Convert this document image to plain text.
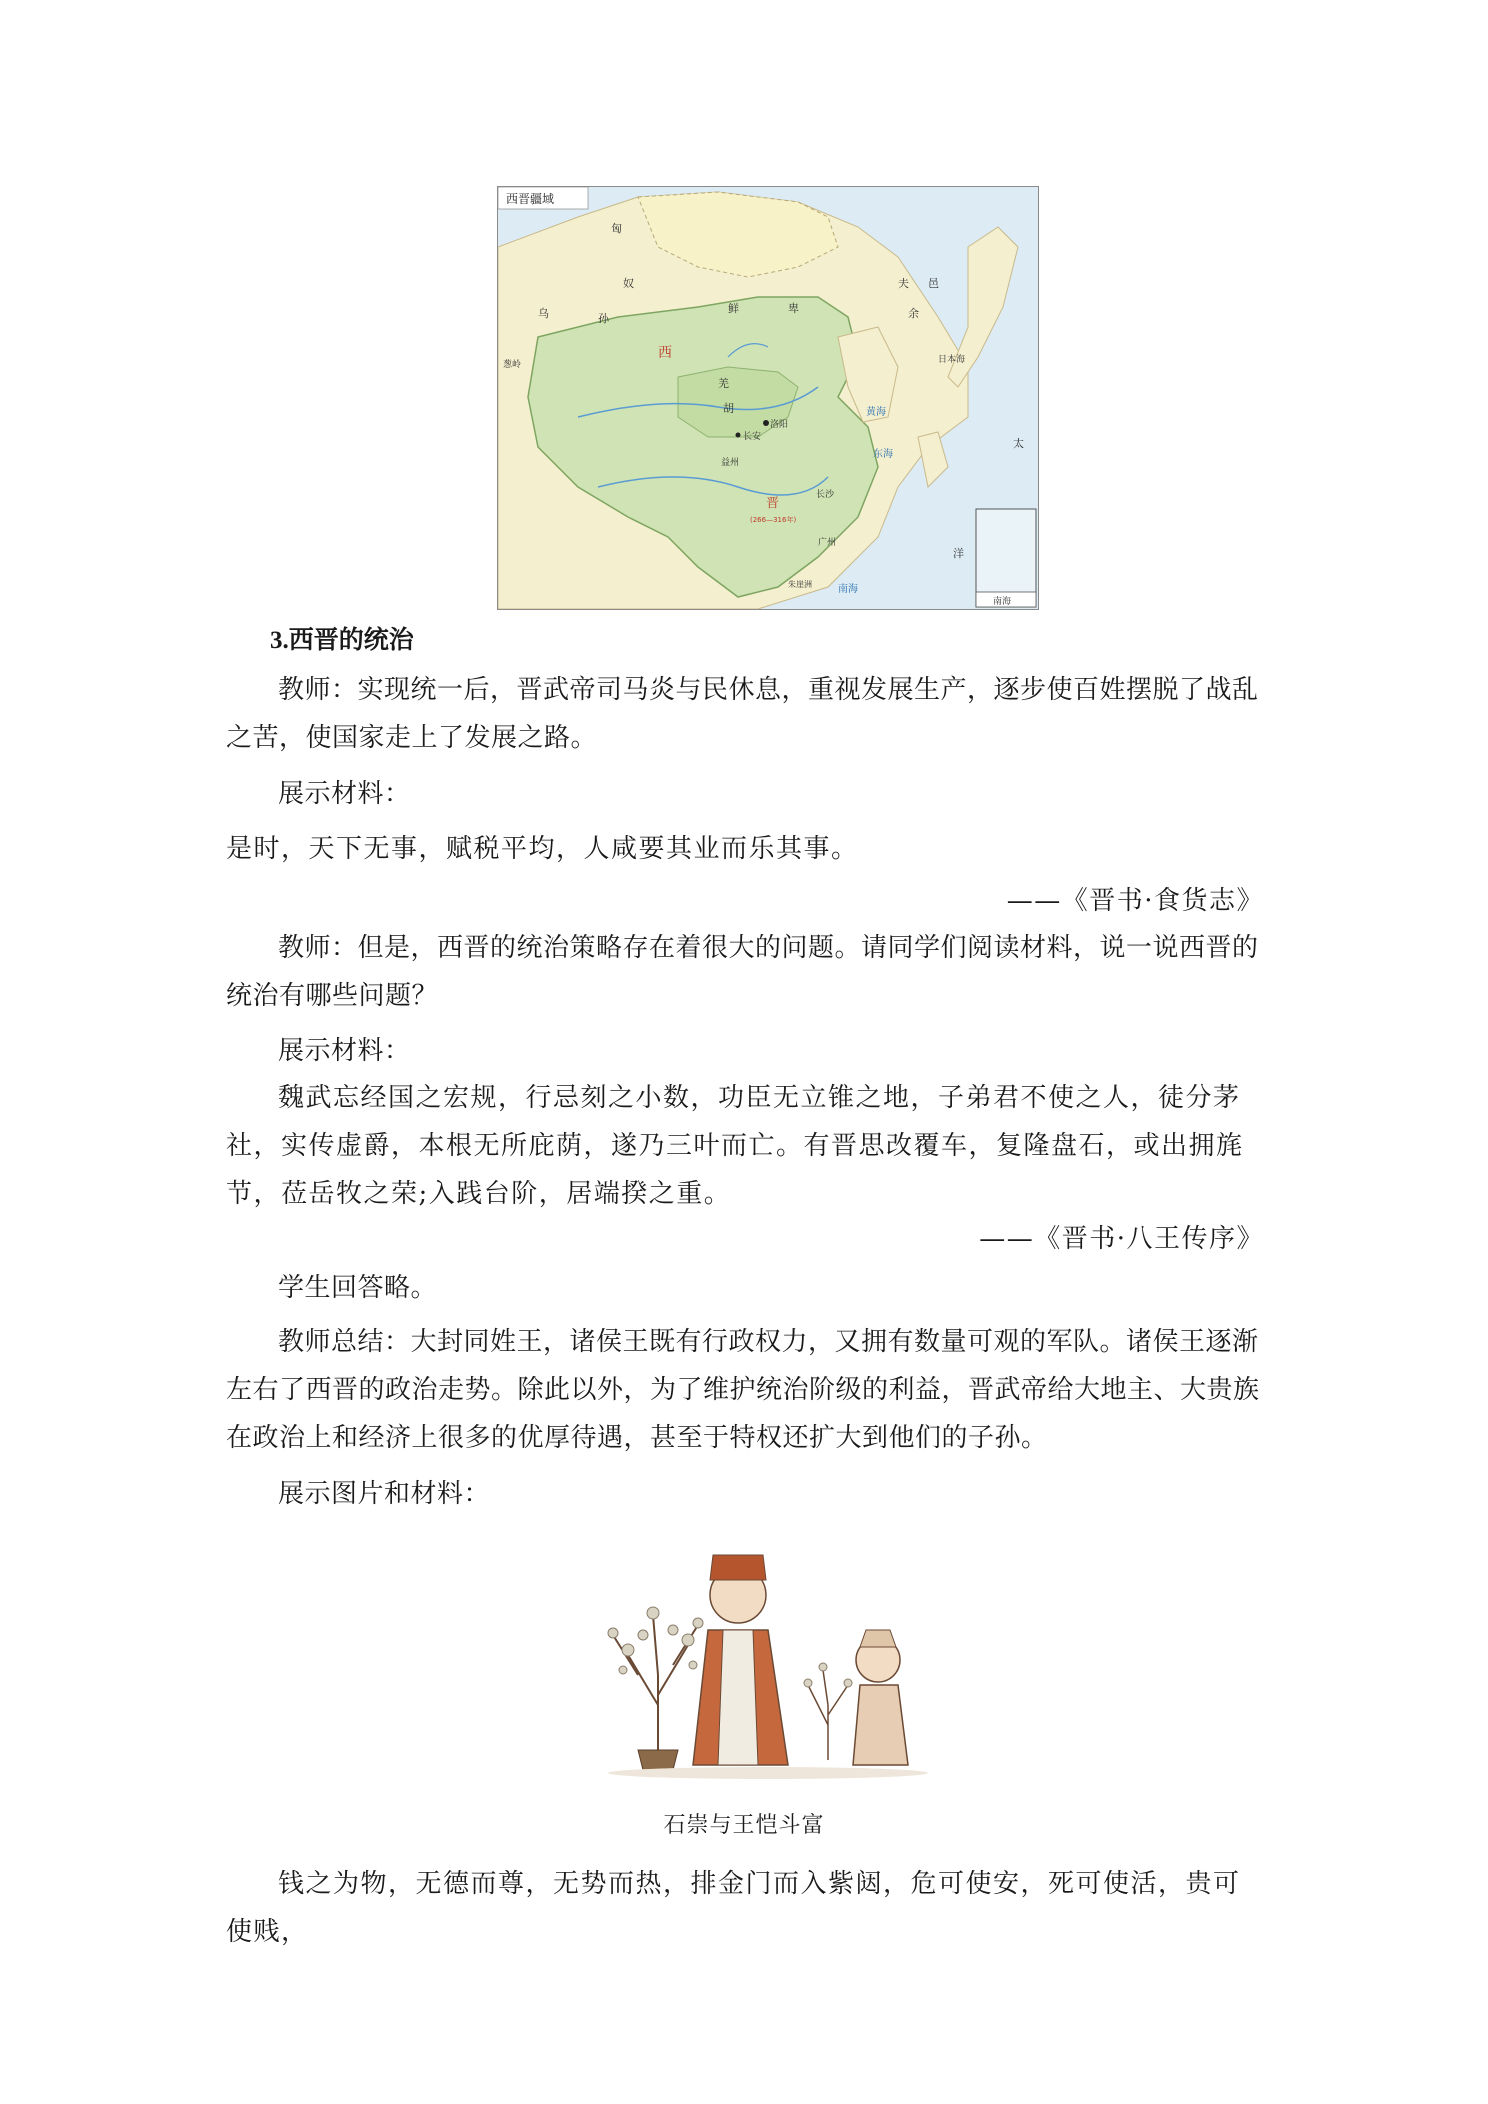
西晋疆域
匈
奴
乌	孙
鲜	卑
夫 邑
余
葱岭
西
羌
胡
洛阳
长安
益州
长沙
广州
晋
(266—316年)
东海
黄海
日本海
太
洋
南海
南海
朱崖洲
3.西晋的统治

教师：实现统一后，晋武帝司马炎与民休息，重视发展生产，逐步使百姓摆脱了战乱之苦，使国家走上了发展之路。

展示材料：

是时，天下无事，赋税平均，人咸要其业而乐其事。

——《晋书·食货志》

教师：但是，西晋的统治策略存在着很大的问题。请同学们阅读材料，说一说西晋的统治有哪些问题？

展示材料：

魏武忘经国之宏规，行忌刻之小数，功臣无立锥之地，子弟君不使之人，徒分茅社，实传虚爵，本根无所庇荫，遂乃三叶而亡。有晋思改覆车，复隆盘石，或出拥旄节，莅岳牧之荣;入践台阶，居端揆之重。

——《晋书·八王传序》

学生回答略。

教师总结：大封同姓王，诸侯王既有行政权力，又拥有数量可观的军队。诸侯王逐渐左右了西晋的政治走势。除此以外，为了维护统治阶级的利益，晋武帝给大地主、大贵族在政治上和经济上很多的优厚待遇，甚至于特权还扩大到他们的子孙。

展示图片和材料：

石崇与王恺斗富

钱之为物，无德而尊，无势而热，排金门而入紫闼，危可使安，死可使活，贵可使贱，
